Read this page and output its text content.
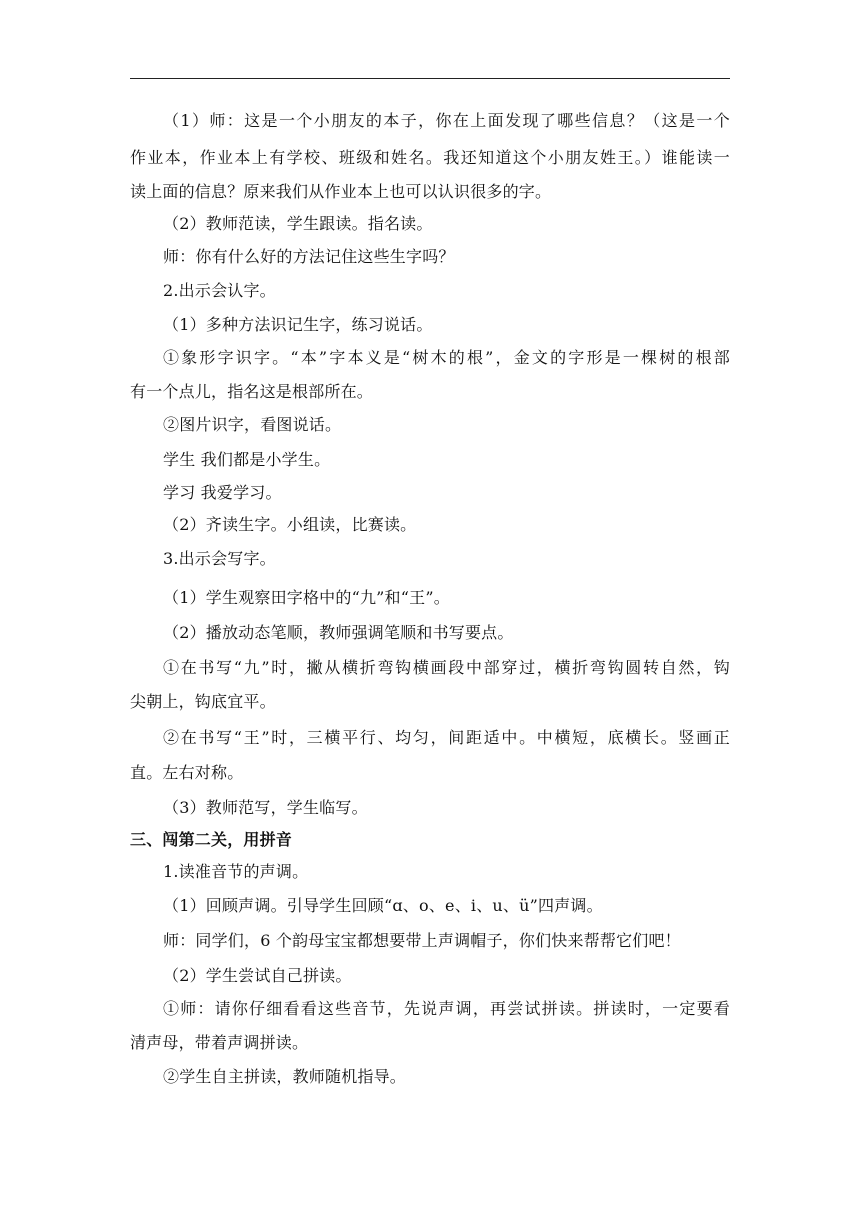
（1）师：这是一个小朋友的本子，你在上面发现了哪些信息？（这是一个
作业本，作业本上有学校、班级和姓名。我还知道这个小朋友姓王。）谁能读一
读上面的信息？原来我们从作业本上也可以认识很多的字。
（2）教师范读，学生跟读。指名读。
师：你有什么好的方法记住这些生字吗？
2.出示会认字。
（1）多种方法识记生字，练习说话。
①象形字识字。“本”字本义是“树木的根”，金文的字形是一棵树的根部
有一个点儿，指名这是根部所在。
②图片识字，看图说话。
学生 我们都是小学生。
学习 我爱学习。
（2）齐读生字。小组读，比赛读。
3.出示会写字。
（1）学生观察田字格中的“九”和“王”。
（2）播放动态笔顺，教师强调笔顺和书写要点。
①在书写“九”时，撇从横折弯钩横画段中部穿过，横折弯钩圆转自然，钩
尖朝上，钩底宜平。
②在书写“王”时，三横平行、均匀，间距适中。中横短，底横长。竖画正
直。左右对称。
（3）教师范写，学生临写。
三、闯第二关，用拼音
1.读准音节的声调。
（1）回顾声调。引导学生回顾“ɑ、o、e、i、u、ü”四声调。
师：同学们，6 个韵母宝宝都想要带上声调帽子，你们快来帮帮它们吧！
（2）学生尝试自己拼读。
①师：请你仔细看看这些音节，先说声调，再尝试拼读。拼读时，一定要看
清声母，带着声调拼读。
②学生自主拼读，教师随机指导。
